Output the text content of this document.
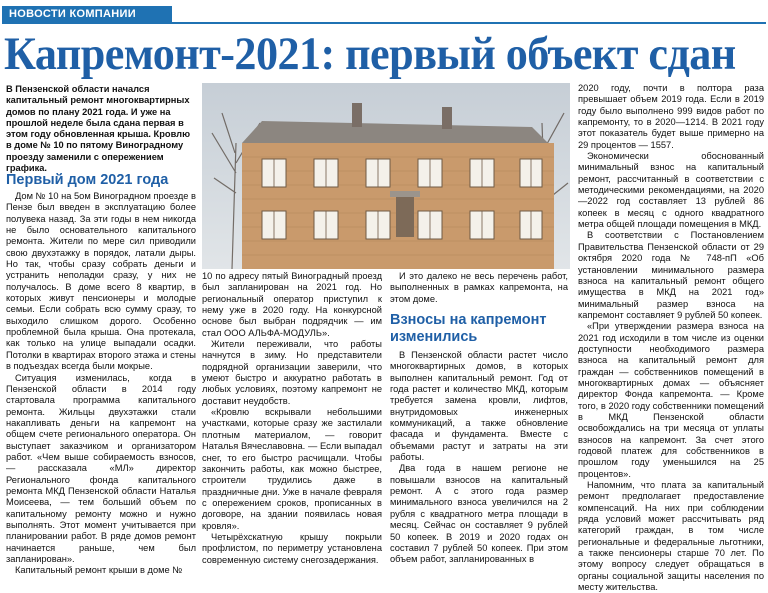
НОВОСТИ КОМПАНИИ
Капремонт-2021: первый объект сдан
В Пензенской области начался капитальный ремонт многоквартирных домов по плану 2021 года. И уже на прошлой неделе была сдана первая в этом году обновленная крыша. Кровлю в доме № 10 по пятому Виноградному проезду заменили с опережением графика.
Первый дом 2021 года

Дом № 10 на 5ом Виноградном проезде в Пензе был введен в эксплуатацию более полувека назад. За эти годы в нем никогда не было основательного капитального ремонта. Жители по мере сил приводили свою двухэтажку в порядок, латали дыры. Но так, чтобы сразу собрать деньги и устранить неполадки сразу, у них не получалось. В доме всего 8 квартир, в которых живут пенсионеры и молодые семьи. Если собрать всю сумму сразу, то выходило слишком дорого. Особенно проблемной была крыша. Она протекала, как только на улице выпадали осадки. Потолки в квартирах второго этажа и стены в подъездах всегда были мокрые.

Ситуация изменилась, когда в Пензенской области в 2014 году стартовала программа капитального ремонта. Жильцы двухэтажки стали накапливать деньги на капремонт на общем счете регионального оператора. Он выступает заказчиком и организатором работ. «Чем выше собираемость взносов, — рассказала «МЛ» директор Регионального фонда капитального ремонта МКД Пензенской области Наталья Моисеева, — тем больший объем по капитальному ремонту можно и нужно выполнять. Этот момент учитывается при планировании работ. В ряде домов ремонт начинается раньше, чем был запланирован».

Капитальный ремонт крыши в доме №

10 по адресу пятый Виноградный проезд был запланирован на 2021 год. Но региональный оператор приступил к нему уже в 2020 году. На конкурсной основе был выбран подрядчик — им стал ООО АЛЬФА-МОДУЛЬ».

Жители переживали, что работы начнутся в зиму. Но представители подрядной организации заверили, что умеют быстро и аккуратно работать в любых условиях, поэтому капремонт не доставит неудобств.

«Кровлю вскрывали небольшими участками, которые сразу же застилали плотным материалом, — говорит Наталья Вячеславовна. — Если выпадал снег, то его быстро расчищали. Чтобы закончить работы, как можно быстрее, строители трудились даже в праздничные дни. Уже в начале февраля с опережением сроков, прописанных в договоре, на здании появилась новая кровля».

Четырёхскатную крышу покрыли профлистом, по периметру установлена современную систему снегозадержания.

И это далеко не весь перечень работ, выполненных в рамках капремонта, на этом доме.

Взносы на капремонт изменились

В Пензенской области растет число многоквартирных домов, в которых выполнен капитальный ремонт. Год от года растет и количество МКД, которым требуется замена кровли, лифтов, внутридомовых инженерных коммуникаций, а также обновление фасада и фундамента. Вместе с объемами растут и затраты на эти работы.

Два года в нашем регионе не повышали взносов на капитальный ремонт. А с этого года размер минимального взноса увеличился на 2 рубля с квадратного метра площади в месяц. Сейчас он составляет 9 рублей 50 копеек. В 2019 и 2020 годах он составил 7 рублей 50 копеек. При этом объем работ, запланированных в

2020 году, почти в полтора раза превышает объем 2019 года. Если в 2019 году было выполнено 999 видов работ по капремонту, то в 2020—1214. В 2021 году этот показатель будет выше примерно на 29 процентов — 1557.

Экономически обоснованный минимальный взнос на капитальный ремонт, рассчитанный в соответствии с методическими рекомендациями, на 2020—2022 год составляет 13 рублей 86 копеек в месяц с одного квадратного метра общей площади помещения в МКД.

В соответствии с Постановлением Правительства Пензенской области от 29 октября 2020 года № 748-пП «Об установлении минимального размера взноса на капитальный ремонт общего имущества в МКД на 2021 год» минимальный размер взноса на капремонт составляет 9 рублей 50 копеек.

«При утверждении размера взноса на 2021 год исходили в том числе из оценки доступности необходимого размера взноса на капитальный ремонт для граждан — собственников помещений в многоквартирных домах — объясняет директор Фонда капремонта. — Кроме того, в 2020 году собственники помещений в МКД Пензенской области освобождались на три месяца от уплаты взносов на капремонт. За счет этого годовой платеж для собственников в прошлом году уменьшился на 25 процентов».

Напомним, что плата за капитальный ремонт предполагает предоставление компенсаций. На них при соблюдении ряда условий может рассчитывать ряд категорий граждан, в том числе региональные и федеральные льготники, а также пенсионеры старше 70 лет. По этому вопросу следует обращаться в органы социальной защиты населения по месту жительства.
